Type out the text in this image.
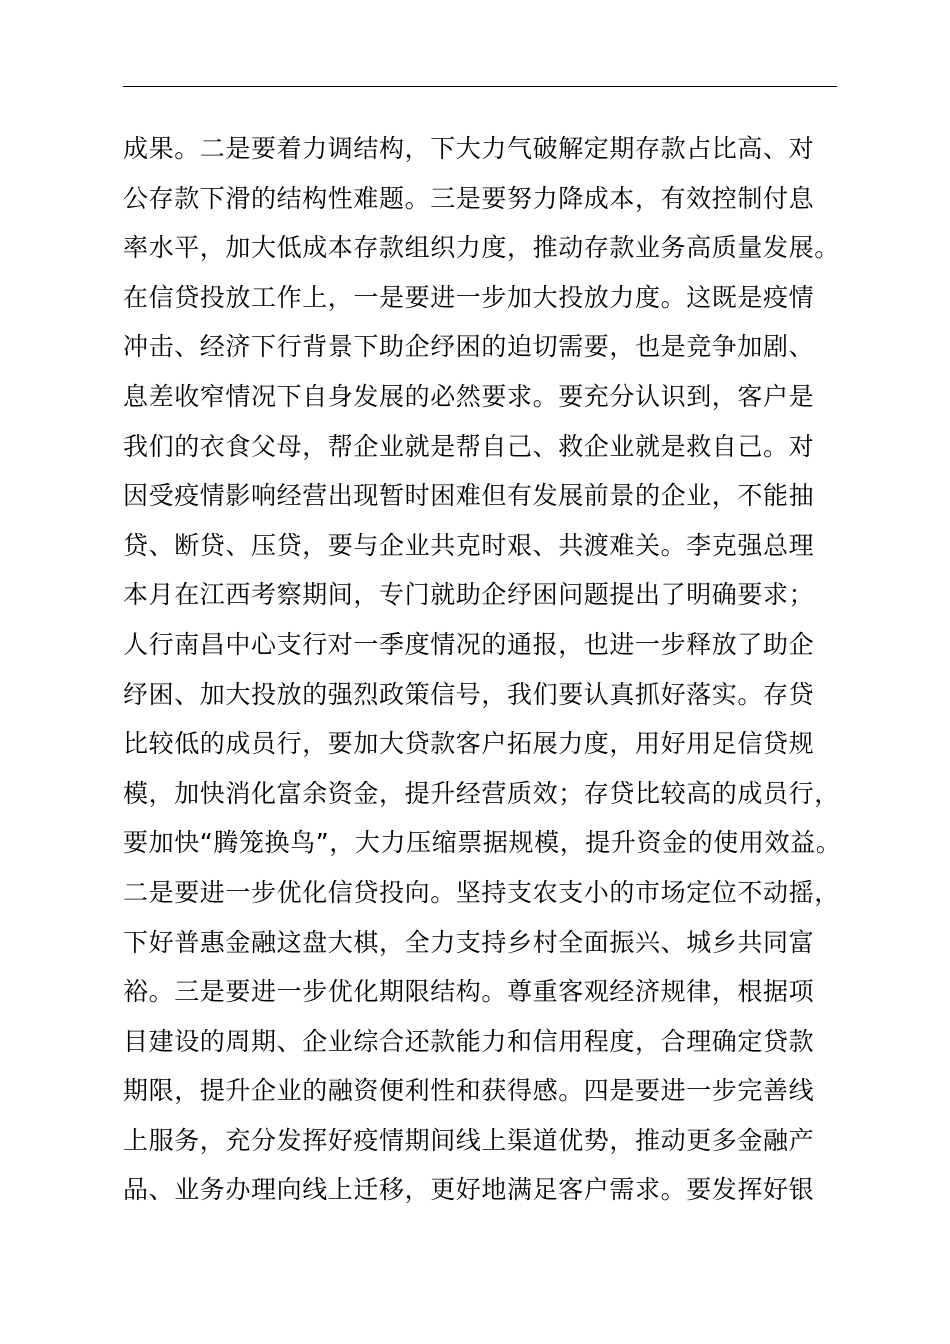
成果。二是要着力调结构，下大力气破解定期存款占比高、对
公存款下滑的结构性难题。三是要努力降成本，有效控制付息
率水平，加大低成本存款组织力度，推动存款业务高质量发展。
在信贷投放工作上，一是要进一步加大投放力度。这既是疫情
冲击、经济下行背景下助企纾困的迫切需要，也是竞争加剧、
息差收窄情况下自身发展的必然要求。要充分认识到，客户是
我们的衣食父母，帮企业就是帮自己、救企业就是救自己。对
因受疫情影响经营出现暂时困难但有发展前景的企业，不能抽
贷、断贷、压贷，要与企业共克时艰、共渡难关。李克强总理
本月在江西考察期间，专门就助企纾困问题提出了明确要求；
人行南昌中心支行对一季度情况的通报，也进一步释放了助企
纾困、加大投放的强烈政策信号，我们要认真抓好落实。存贷
比较低的成员行，要加大贷款客户拓展力度，用好用足信贷规
模，加快消化富余资金，提升经营质效；存贷比较高的成员行，
要加快“腾笼换鸟”，大力压缩票据规模，提升资金的使用效益。
二是要进一步优化信贷投向。坚持支农支小的市场定位不动摇，
下好普惠金融这盘大棋，全力支持乡村全面振兴、城乡共同富
裕。三是要进一步优化期限结构。尊重客观经济规律，根据项
目建设的周期、企业综合还款能力和信用程度，合理确定贷款
期限，提升企业的融资便利性和获得感。四是要进一步完善线
上服务，充分发挥好疫情期间线上渠道优势，推动更多金融产
品、业务办理向线上迁移，更好地满足客户需求。要发挥好银
